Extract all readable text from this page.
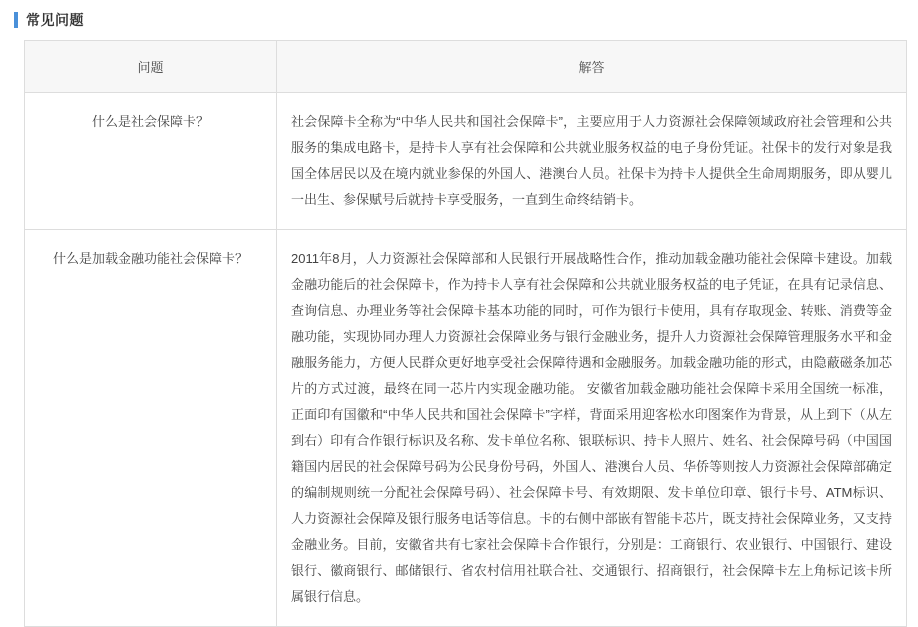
常见问题
问题	解答
什么是社会保障卡？	社会保障卡全称为“中华人民共和国社会保障卡”，主要应用于人力资源社会保障领域政府社会管理和公共服务的集成电路卡，是持卡人享有社会保障和公共就业服务权益的电子身份凭证。社保卡的发行对象是我国全体居民以及在境内就业参保的外国人、港澳台人员。社保卡为持卡人提供全生命周期服务，即从婴儿一出生、参保赋号后就持卡享受服务，一直到生命终结销卡。
什么是加载金融功能社会保障卡？	2011年8月，人力资源社会保障部和人民银行开展战略性合作，推动加载金融功能社会保障卡建设。加载金融功能后的社会保障卡，作为持卡人享有社会保障和公共就业服务权益的电子凭证，在具有记录信息、查询信息、办理业务等社会保障卡基本功能的同时，可作为银行卡使用，具有存取现金、转账、消费等金融功能，实现协同办理人力资源社会保障业务与银行金融业务，提升人力资源社会保障管理服务水平和金融服务能力，方便人民群众更好地享受社会保障待遇和金融服务。加载金融功能的形式，由隐蔽磁条加芯片的方式过渡，最终在同一芯片内实现金融功能。 安徽省加载金融功能社会保障卡采用全国统一标准，正面印有国徽和“中华人民共和国社会保障卡”字样，背面采用迎客松水印图案作为背景，从上到下（从左到右）印有合作银行标识及名称、发卡单位名称、银联标识、持卡人照片、姓名、社会保障号码（中国国籍国内居民的社会保障号码为公民身份号码，外国人、港澳台人员、华侨等则按人力资源社会保障部确定的编制规则统一分配社会保障号码）、社会保障卡号、有效期限、发卡单位印章、银行卡号、ATM标识、人力资源社会保障及银行服务电话等信息。卡的右侧中部嵌有智能卡芯片，既支持社会保障业务，又支持金融业务。目前，安徽省共有七家社会保障卡合作银行，分别是：工商银行、农业银行、中国银行、建设银行、徽商银行、邮储银行、省农村信用社联合社、交通银行、招商银行，社会保障卡左上角标记该卡所属银行信息。
